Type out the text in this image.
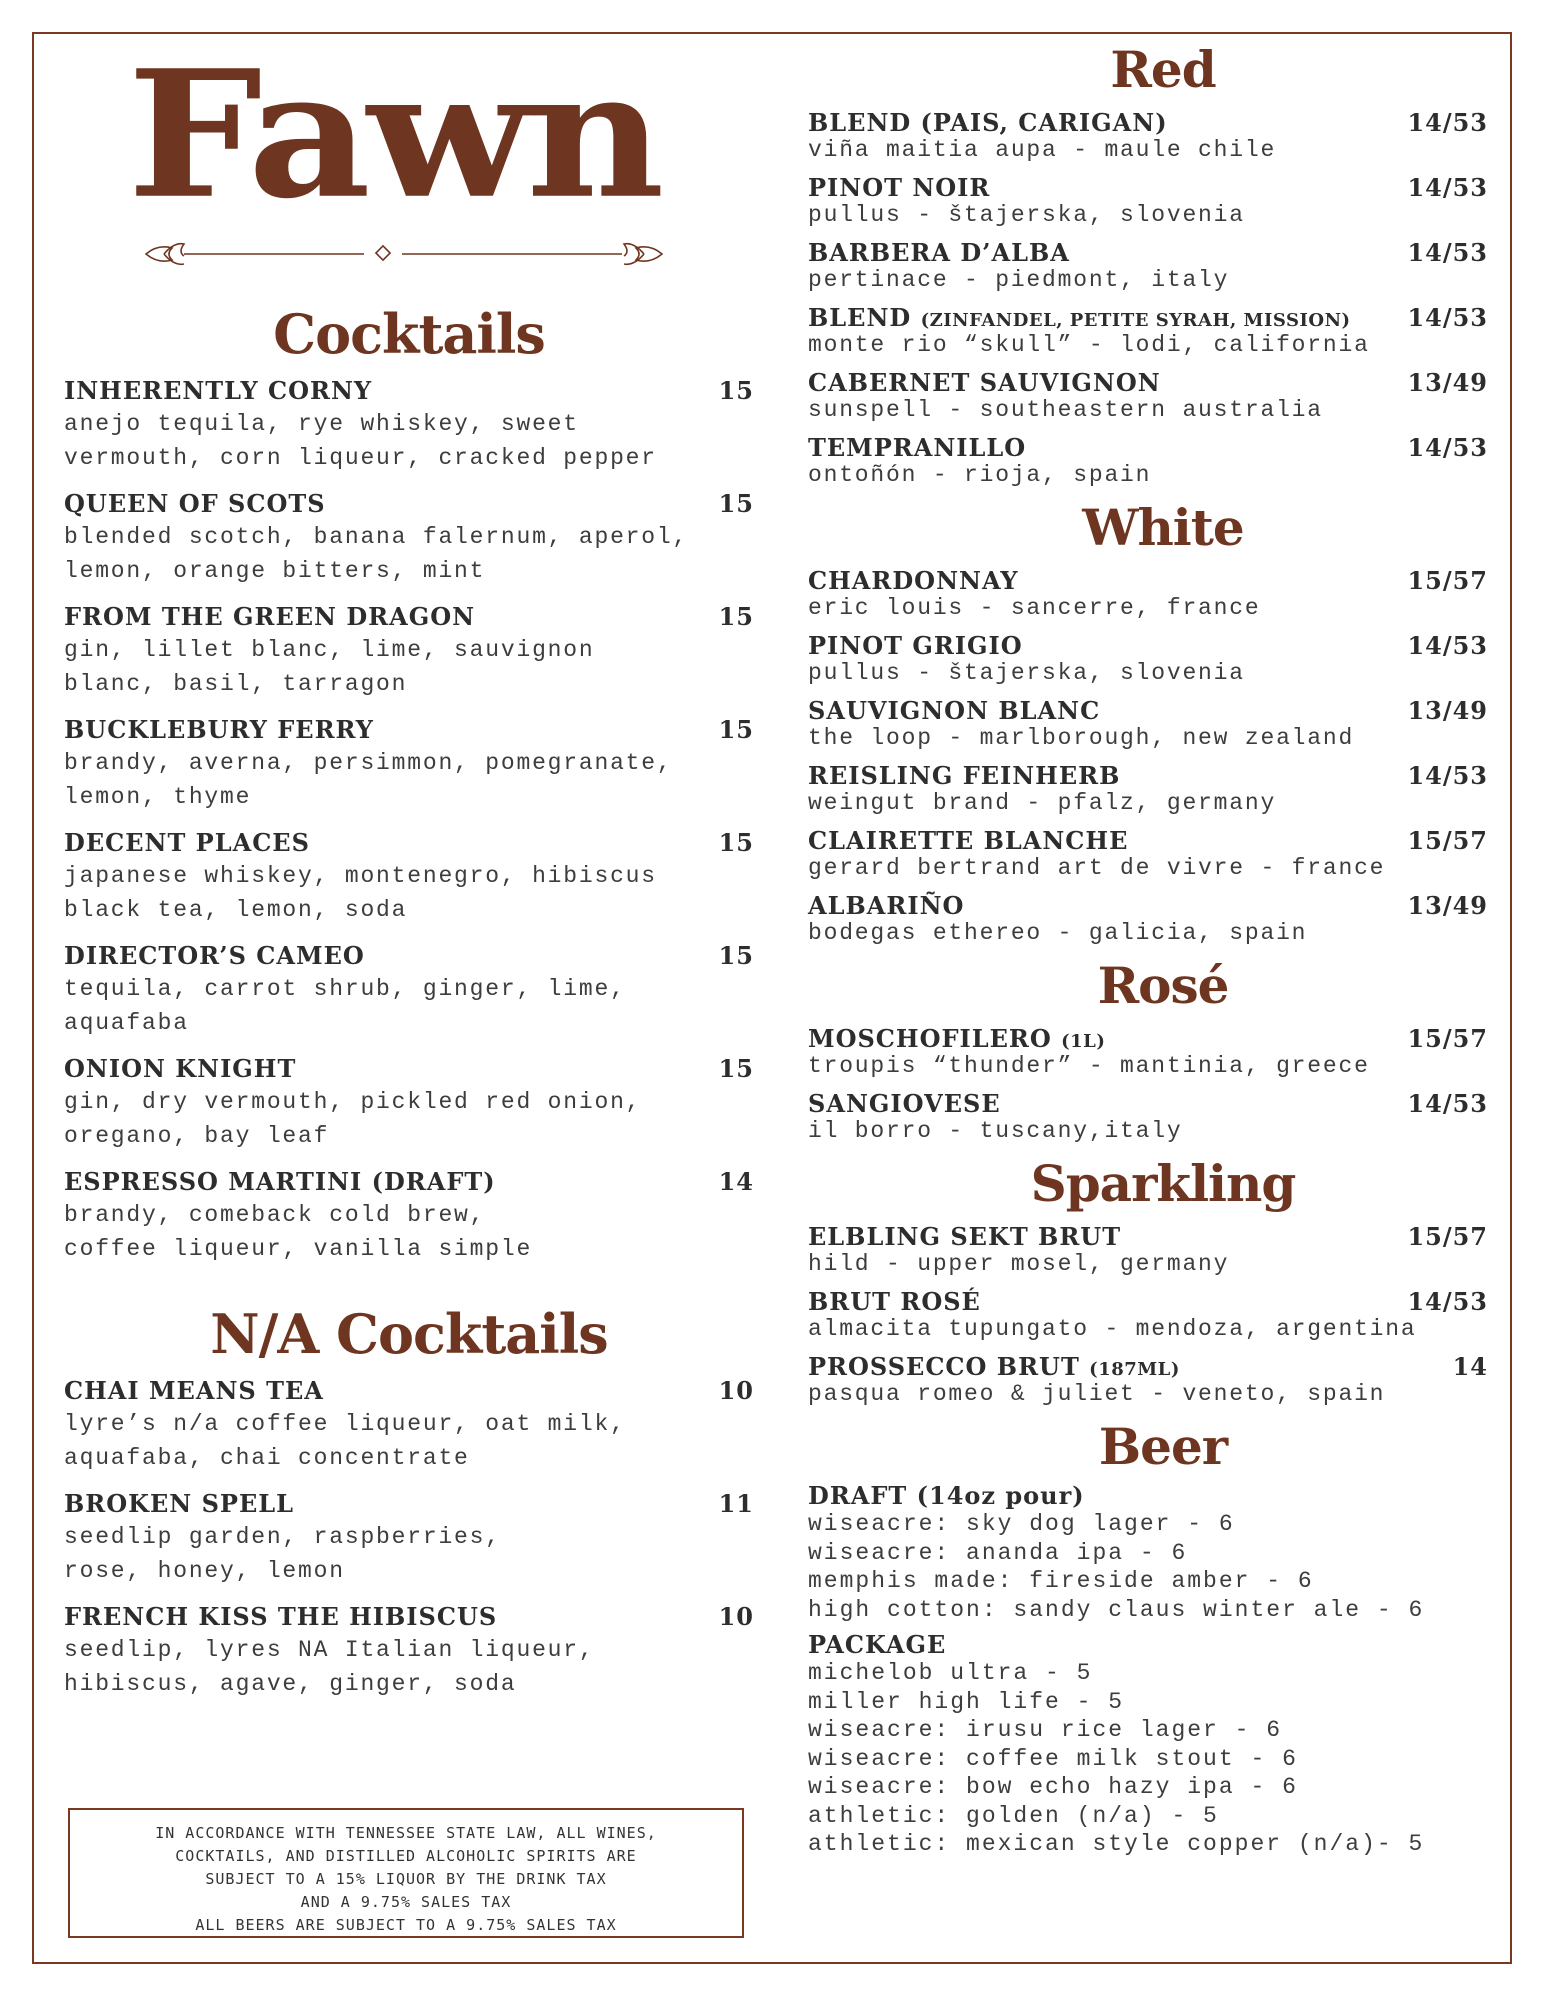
Fawn
Cocktails
INHERENTLY CORNY	15
anejo tequila, rye whiskey, sweet
vermouth, corn liqueur, cracked pepper
QUEEN OF SCOTS	15
blended scotch, banana falernum, aperol,
lemon, orange bitters, mint
FROM THE GREEN DRAGON	15
gin, lillet blanc, lime, sauvignon
blanc, basil, tarragon
BUCKLEBURY FERRY	15
brandy, averna, persimmon, pomegranate,
lemon, thyme
DECENT PLACES	15
japanese whiskey, montenegro, hibiscus
black tea, lemon, soda
DIRECTOR’S CAMEO	15
tequila, carrot shrub, ginger, lime,
aquafaba
ONION KNIGHT	15
gin, dry vermouth, pickled red onion,
oregano, bay leaf
ESPRESSO MARTINI (DRAFT)	14
brandy, comeback cold brew,
coffee liqueur, vanilla simple
N/A Cocktails
CHAI MEANS TEA	10
lyre’s n/a coffee liqueur, oat milk,
aquafaba, chai concentrate
BROKEN SPELL	11
seedlip garden, raspberries,
rose, honey, lemon
FRENCH KISS THE HIBISCUS	10
seedlip, lyres NA Italian liqueur,
hibiscus, agave, ginger, soda
IN ACCORDANCE WITH TENNESSEE STATE LAW, ALL WINES,
COCKTAILS, AND DISTILLED ALCOHOLIC SPIRITS ARE
SUBJECT TO A 15% LIQUOR BY THE DRINK TAX
AND A 9.75% SALES TAX
ALL BEERS ARE SUBJECT TO A 9.75% SALES TAX
Red
BLEND (PAIS, CARIGAN)	14/53
viña maitia aupa - maule chile
PINOT NOIR	14/53
pullus - štajerska, slovenia
BARBERA D’ALBA	14/53
pertinace - piedmont, italy
BLEND (ZINFANDEL, PETITE SYRAH, MISSION)	14/53
monte rio “skull” - lodi, california
CABERNET SAUVIGNON	13/49
sunspell - southeastern australia
TEMPRANILLO	14/53
ontoñón - rioja, spain
White
CHARDONNAY	15/57
eric louis - sancerre, france
PINOT GRIGIO	14/53
pullus - štajerska, slovenia
SAUVIGNON BLANC	13/49
the loop - marlborough, new zealand
REISLING FEINHERB	14/53
weingut brand - pfalz, germany
CLAIRETTE BLANCHE	15/57
gerard bertrand art de vivre - france
ALBARIÑO	13/49
bodegas ethereo - galicia, spain
Rosé
MOSCHOFILERO (1L)	15/57
troupis “thunder” - mantinia, greece
SANGIOVESE	14/53
il borro - tuscany,italy
Sparkling
ELBLING SEKT BRUT	15/57
hild - upper mosel, germany
BRUT ROSÉ	14/53
almacita tupungato - mendoza, argentina
PROSSECCO BRUT (187ML)	14
pasqua romeo & juliet - veneto, spain
Beer
DRAFT (14oz pour)
wiseacre: sky dog lager - 6
wiseacre: ananda ipa - 6
memphis made: fireside amber - 6
high cotton: sandy claus winter ale - 6
PACKAGE
michelob ultra - 5
miller high life - 5
wiseacre: irusu rice lager - 6
wiseacre: coffee milk stout - 6
wiseacre: bow echo hazy ipa - 6
athletic: golden (n/a) - 5
athletic: mexican style copper (n/a)- 5
